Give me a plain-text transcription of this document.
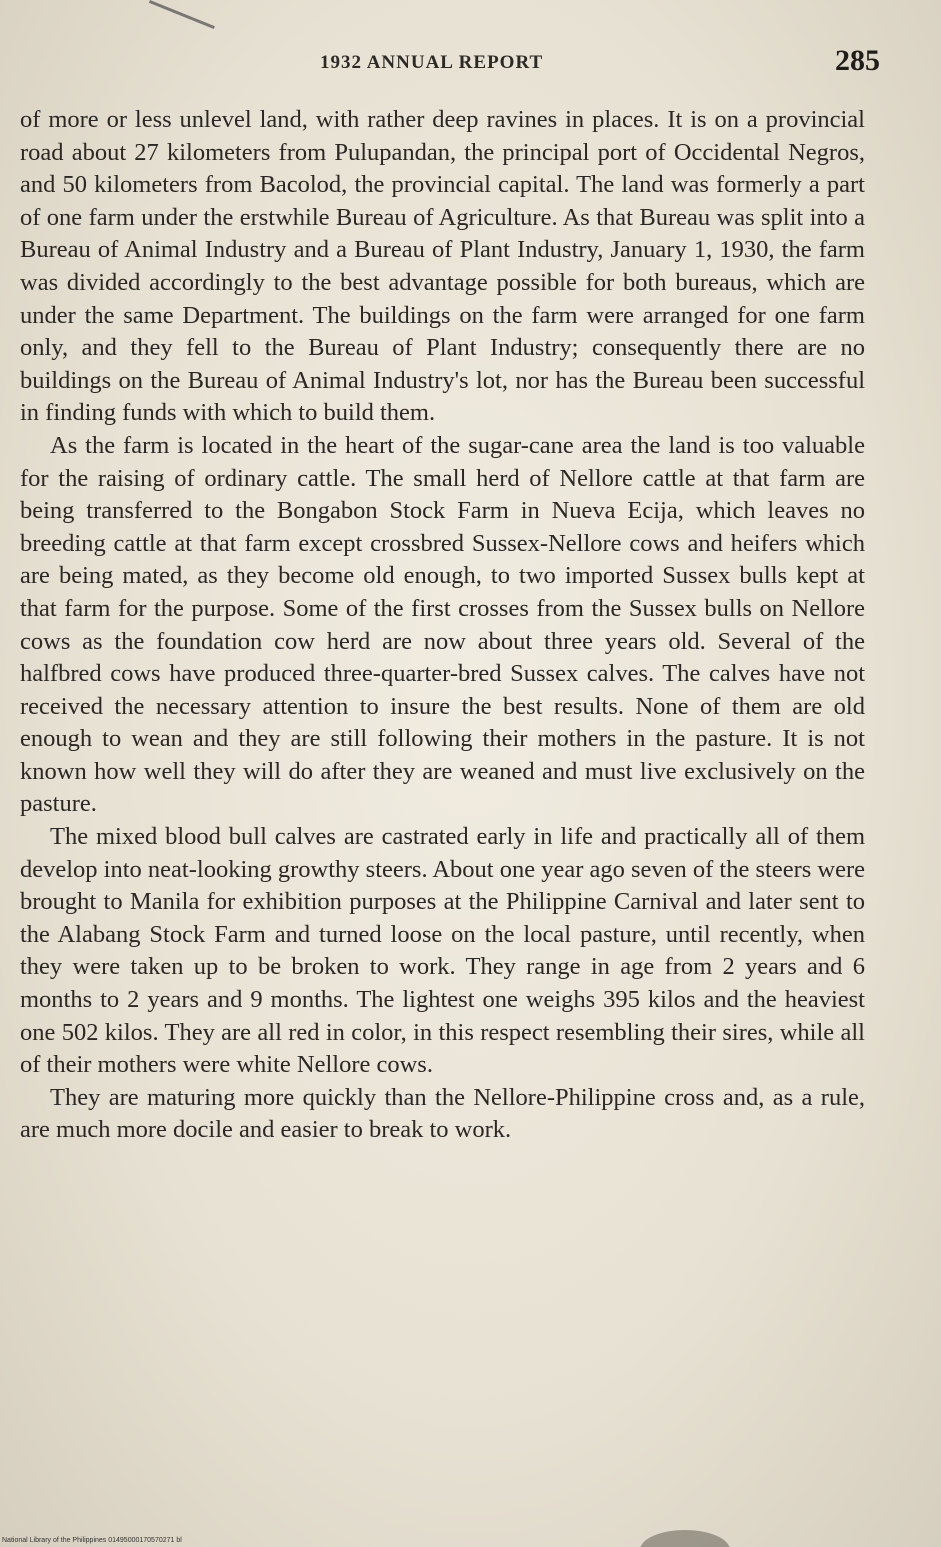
1932 ANNUAL REPORT	285

of more or less unlevel land, with rather deep ravines in places. It is on a provincial road about 27 kilometers from Pulupandan, the principal port of Occidental Negros, and 50 kilometers from Bacolod, the provincial capital. The land was formerly a part of one farm under the erstwhile Bureau of Agriculture. As that Bureau was split into a Bureau of Animal Industry and a Bureau of Plant Industry, January 1, 1930, the farm was divided accordingly to the best advantage possible for both bureaus, which are under the same Department. The buildings on the farm were arranged for one farm only, and they fell to the Bureau of Plant Industry; consequently there are no buildings on the Bureau of Animal Industry's lot, nor has the Bureau been successful in finding funds with which to build them.

As the farm is located in the heart of the sugar-cane area the land is too valuable for the raising of ordinary cattle. The small herd of Nellore cattle at that farm are being transferred to the Bongabon Stock Farm in Nueva Ecija, which leaves no breeding cattle at that farm except crossbred Sussex-Nellore cows and heifers which are being mated, as they become old enough, to two imported Sussex bulls kept at that farm for the purpose. Some of the first crosses from the Sussex bulls on Nellore cows as the foundation cow herd are now about three years old. Several of the halfbred cows have produced three-quarter-bred Sussex calves. The calves have not received the necessary attention to insure the best results. None of them are old enough to wean and they are still following their mothers in the pasture. It is not known how well they will do after they are weaned and must live exclusively on the pasture.

The mixed blood bull calves are castrated early in life and practically all of them develop into neat-looking growthy steers. About one year ago seven of the steers were brought to Manila for exhibition purposes at the Philippine Carnival and later sent to the Alabang Stock Farm and turned loose on the local pasture, until recently, when they were taken up to be broken to work. They range in age from 2 years and 6 months to 2 years and 9 months. The lightest one weighs 395 kilos and the heaviest one 502 kilos. They are all red in color, in this respect resembling their sires, while all of their mothers were white Nellore cows.

They are maturing more quickly than the Nellore-Philippine cross and, as a rule, are much more docile and easier to break to work.

National Library of the Philippines 01495000170570271 bl
